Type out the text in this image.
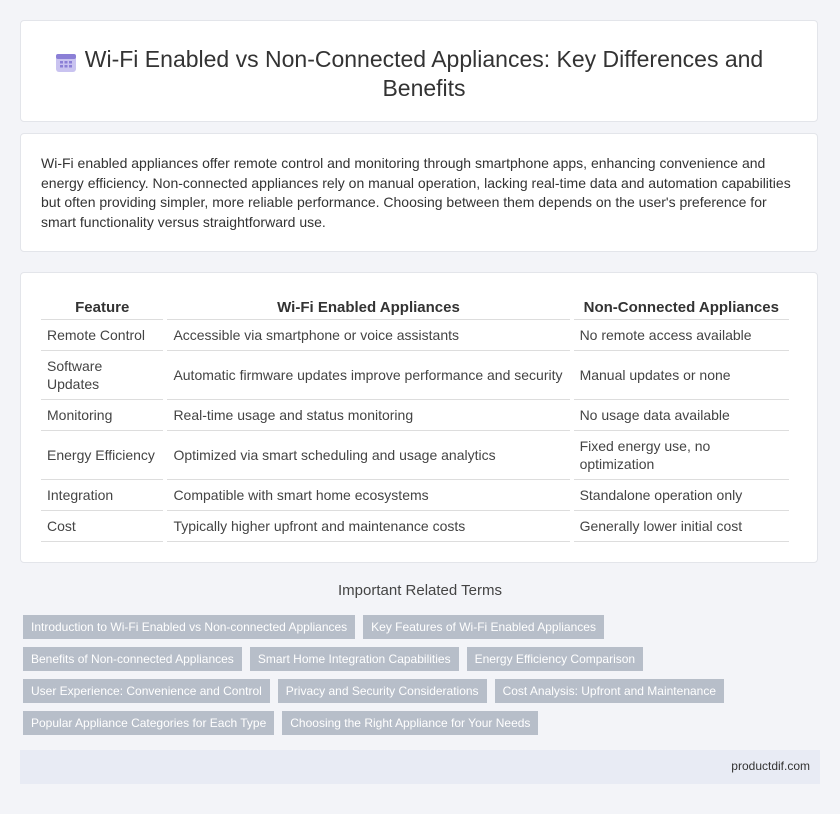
Wi-Fi Enabled vs Non-Connected Appliances: Key Differences and Benefits

Wi-Fi enabled appliances offer remote control and monitoring through smartphone apps, enhancing convenience and energy efficiency. Non-connected appliances rely on manual operation, lacking real-time data and automation capabilities but often providing simpler, more reliable performance. Choosing between them depends on the user's preference for smart functionality versus straightforward use.

Feature	Wi-Fi Enabled Appliances	Non-Connected Appliances
Remote Control	Accessible via smartphone or voice assistants	No remote access available
Software Updates	Automatic firmware updates improve performance and security	Manual updates or none
Monitoring	Real-time usage and status monitoring	No usage data available
Energy Efficiency	Optimized via smart scheduling and usage analytics	Fixed energy use, no optimization
Integration	Compatible with smart home ecosystems	Standalone operation only
Cost	Typically higher upfront and maintenance costs	Generally lower initial cost
Important Related Terms
Introduction to Wi-Fi Enabled vs Non-connected Appliances	Key Features of Wi-Fi Enabled Appliances
Benefits of Non-connected Appliances	Smart Home Integration Capabilities	Energy Efficiency Comparison
User Experience: Convenience and Control	Privacy and Security Considerations	Cost Analysis: Upfront and Maintenance
Popular Appliance Categories for Each Type	Choosing the Right Appliance for Your Needs
productdif.com
